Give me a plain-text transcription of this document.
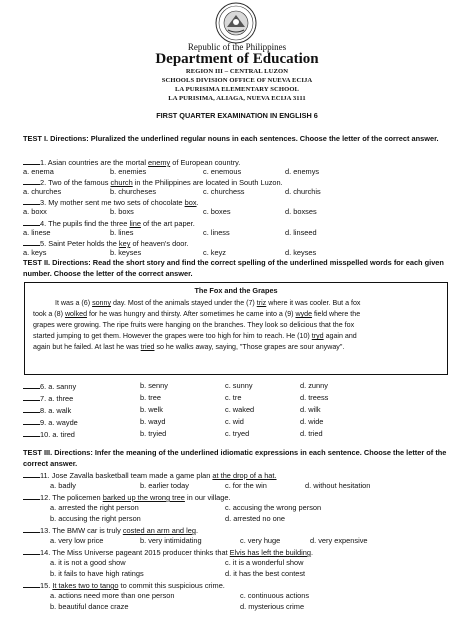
Republic of the Philippines
Department of Education
REGION III – CENTRAL LUZON
SCHOOLS DIVISION OFFICE OF NUEVA ECIJA
LA PURISIMA ELEMENTARY SCHOOL
LA PURISIMA, ALIAGA, NUEVA ECIJA 3111
FIRST QUARTER EXAMINATION IN ENGLISH 6
TEST I. Directions: Pluralized the underlined regular nouns in each sentences. Choose the letter of the correct answer.
1. Asian countries are the mortal enemy of European country.
a. enema	b. enemies	c. enemous	d. enemys
2. Two of the famous church in the Philippines are located in South Luzon.
a. churches	b. churcheses	c. churchess	d. churchis
3. My mother sent me two sets of chocolate box.
a. boxx	b. boxs	c. boxes	d. boxses
4. The pupils find the three line of the art paper.
a. linese	b. lines	c. liness	d. linseed
5. Saint Peter holds the key of heaven's door.
a. keys	b. keyses	c. keyz	d. keyses
TEST II. Directions: Read the short story and find the correct spelling of the underlined misspelled words for each given number. Choose the letter of the correct answer.
The Fox and the Grapes
It was a (6) sonny day. Most of the animals stayed under the (7) triz where it was cooler. But a fox
took a (8) wolked for he was hungry and thirsty. After sometimes he came into a (9) wyde field where the
grapes were growing. The ripe fruits were hanging on the branches. They look so delicious that the fox
started jumping to get them. However the grapes were too high for him to reach. He (10) tryd again and
again but he failed. At last he was tried so he walks away, saying, "Those grapes are sour anyway".
6. a. sanny	b. senny	c. sunny	d. zunny
7. a. three	b. tree	c. tre	d. treess
8. a. walk	b. welk	c. waked	d. wilk
9. a. wayde	b. wayd	c. wid	d. wide
10. a. tired	b. tryied	c. tryed	d. tried
TEST III. Directions: Infer the meaning of the underlined idiomatic expressions in each sentence. Choose the letter of the correct answer.
11. Jose Zavalla basketball team made a game plan at the drop of a hat.
a. badly	b. earlier today	c. for the win	d. without hesitation
12. The policemen barked up the wrong tree in our village.
a. arrested the right person	c. accusing the wrong person
b. accusing the right person	d. arrested no one
13. The BMW car is truly costed an arm and leg.
a. very low price	b. very intimidating	c. very huge	d. very expensive
14. The Miss Universe pageant 2015 producer thinks that Elvis has left the building.
a. it is not a good show	c. it is a wonderful show
b. it fails to have high ratings	d. it has the best contest
15. It takes two to tango to commit this suspicious crime.
a. actions need more than one person	c. continuous actions
b. beautiful dance craze	d. mysterious crime
